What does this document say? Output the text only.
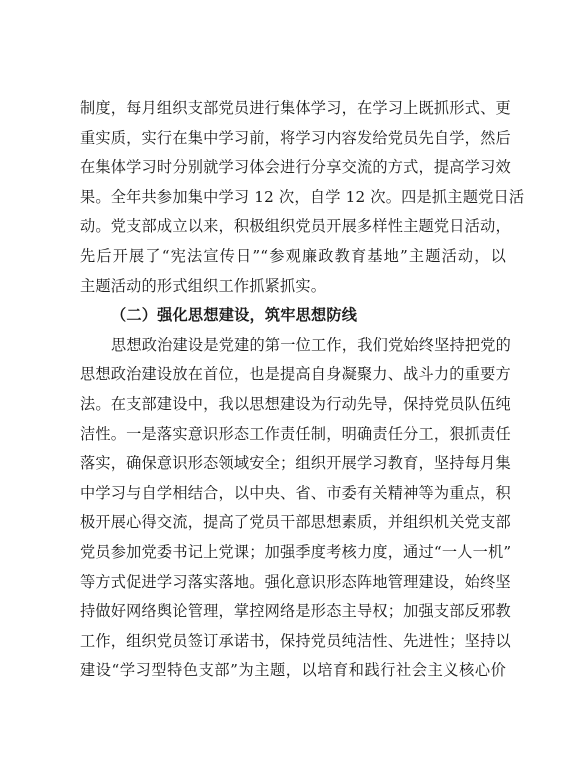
制度，每月组织支部党员进行集体学习，在学习上既抓形式、更
重实质，实行在集中学习前，将学习内容发给党员先自学，然后
在集体学习时分别就学习体会进行分享交流的方式，提高学习效
果。全年共参加集中学习 12 次，自学 12 次。四是抓主题党日活
动。党支部成立以来，积极组织党员开展多样性主题党日活动，
先后开展了“宪法宣传日”“参观廉政教育基地”主题活动，以
主题活动的形式组织工作抓紧抓实。
（二）强化思想建设，筑牢思想防线
思想政治建设是党建的第一位工作，我们党始终坚持把党的
思想政治建设放在首位，也是提高自身凝聚力、战斗力的重要方
法。在支部建设中，我以思想建设为行动先导，保持党员队伍纯
洁性。一是落实意识形态工作责任制，明确责任分工，狠抓责任
落实，确保意识形态领域安全；组织开展学习教育，坚持每月集
中学习与自学相结合，以中央、省、市委有关精神等为重点，积
极开展心得交流，提高了党员干部思想素质，并组织机关党支部
党员参加党委书记上党课；加强季度考核力度，通过“一人一机”
等方式促进学习落实落地。强化意识形态阵地管理建设，始终坚
持做好网络舆论管理，掌控网络是形态主导权；加强支部反邪教
工作，组织党员签订承诺书，保持党员纯洁性、先进性；坚持以
建设“学习型特色支部”为主题，以培育和践行社会主义核心价
